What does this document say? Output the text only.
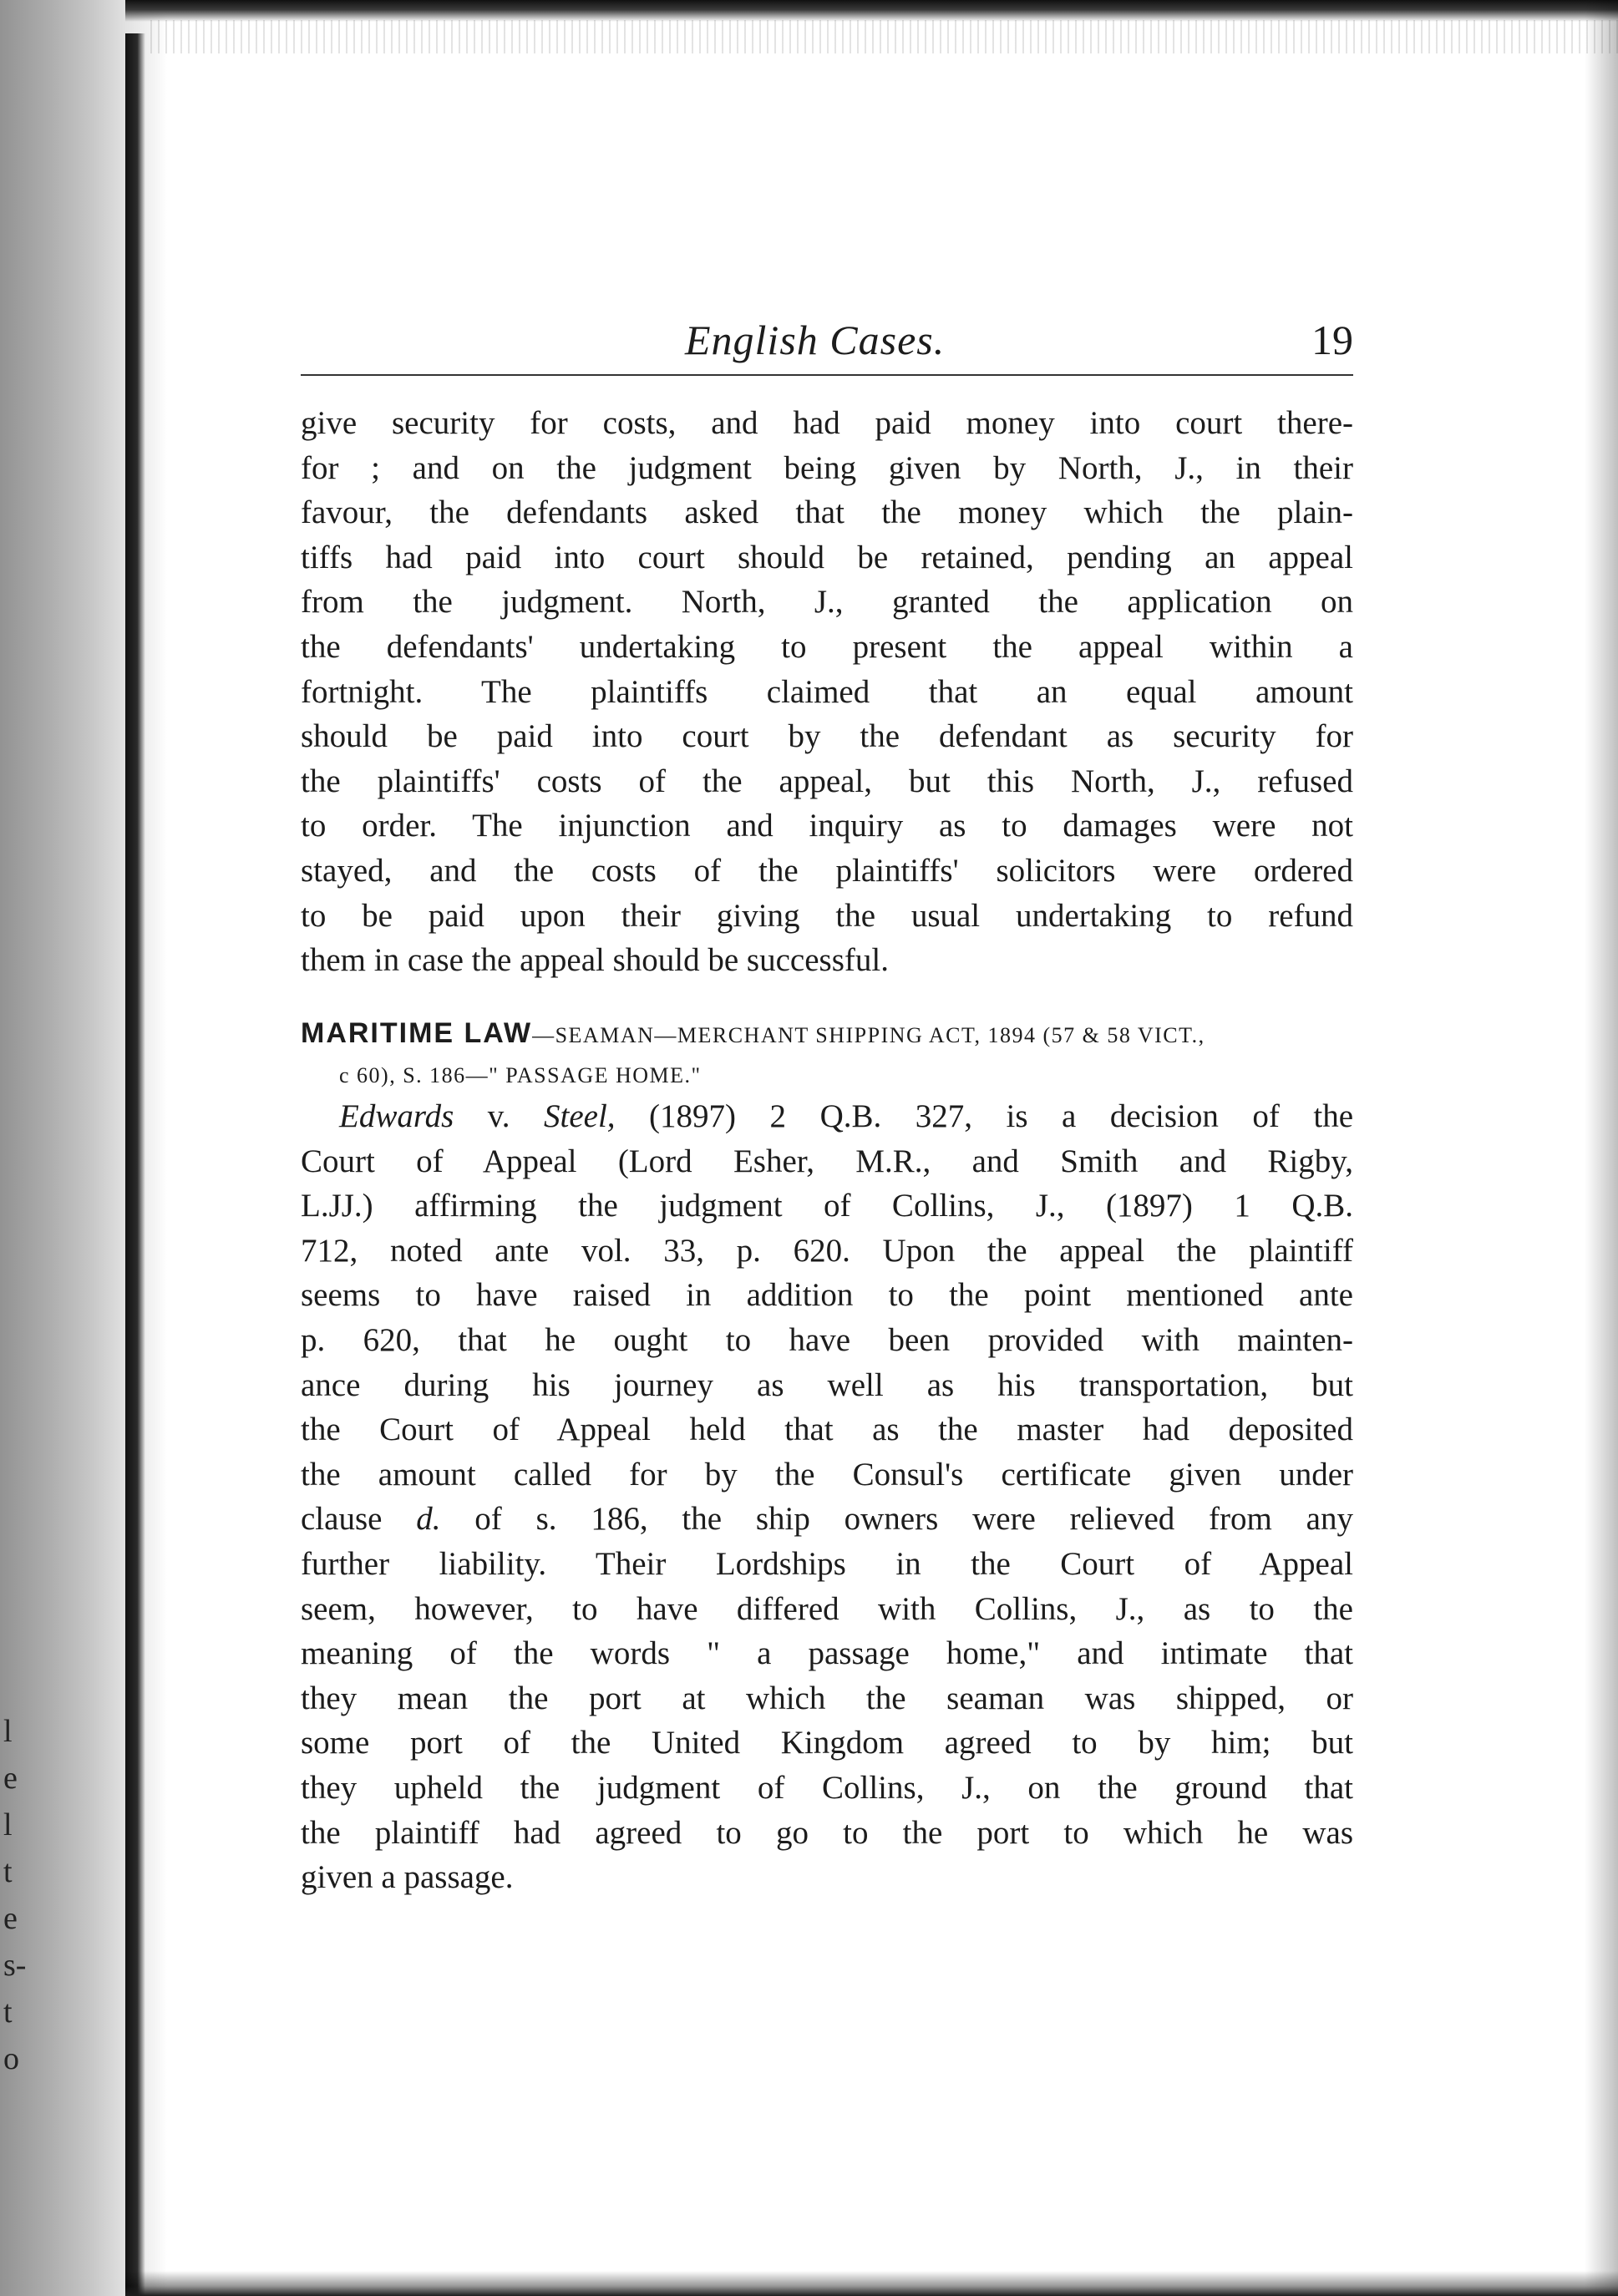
l
e
l
t
e
s-
t
o
English Cases.	19

give security for costs, and had paid money into court there-

for ; and on the judgment being given by North, J., in their

favour, the defendants asked that the money which the plain-

tiffs had paid into court should be retained, pending an appeal

from the judgment. North, J., granted the application on

the defendants' undertaking to present the appeal within a

fortnight. The plaintiffs claimed that an equal amount

should be paid into court by the defendant as security for

the plaintiffs' costs of the appeal, but this North, J., refused

to order. The injunction and inquiry as to damages were not

stayed, and the costs of the plaintiffs' solicitors were ordered

to be paid upon their giving the usual undertaking to refund

them in case the appeal should be successful.

MARITIME LAW—SEAMAN—MERCHANT SHIPPING ACT, 1894 (57 & 58 VICT.,
c 60), S. 186—" PASSAGE HOME."

Edwards v. Steel, (1897) 2 Q.B. 327, is a decision of the

Court of Appeal (Lord Esher, M.R., and Smith and Rigby,

L.JJ.) affirming the judgment of Collins, J., (1897) 1 Q.B.

712, noted ante vol. 33, p. 620. Upon the appeal the plaintiff

seems to have raised in addition to the point mentioned ante

p. 620, that he ought to have been provided with mainten-

ance during his journey as well as his transportation, but

the Court of Appeal held that as the master had deposited

the amount called for by the Consul's certificate given under

clause d. of s. 186, the ship owners were relieved from any

further liability. Their Lordships in the Court of Appeal

seem, however, to have differed with Collins, J., as to the

meaning of the words " a passage home," and intimate that

they mean the port at which the seaman was shipped, or

some port of the United Kingdom agreed to by him; but

they upheld the judgment of Collins, J., on the ground that

the plaintiff had agreed to go to the port to which he was

given a passage.
